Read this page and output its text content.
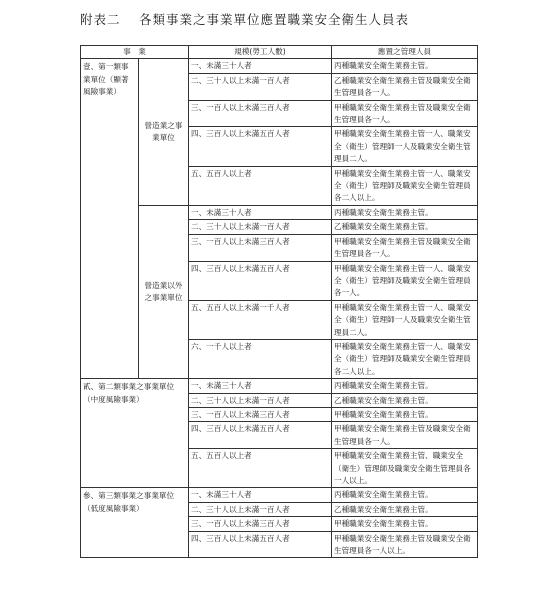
附表二　 各類事業之事業單位應置職業安全衛生人員表
事　業		規模(勞工人數)	應置之管理人員
壹、第一類事業單位（顯著風險事業）	營造業之事業單位	一、未滿三十人者	丙種職業安全衛生業務主管。
		二、三十人以上未滿一百人者	乙種職業安全衛生業務主管及職業安全衛生管理員各一人。
		三、一百人以上未滿三百人者	甲種職業安全衛生業務主管及職業安全衛生管理員各一人。
		四、三百人以上未滿五百人者	甲種職業安全衛生業務主管一人、職業安全（衛生）管理師一人及職業安全衛生管理員二人。
		五、五百人以上者	甲種職業安全衛生業務主管一人、職業安全（衛生）管理師及職業安全衛生管理員各二人以上。
	營造業以外之事業單位	一、未滿三十人者	丙種職業安全衛生業務主管。
		二、三十人以上未滿一百人者	乙種職業安全衛生業務主管。
		三、一百人以上未滿三百人者	甲種職業安全衛生業務主管及職業安全衛生管理員各一人。
		四、三百人以上未滿五百人者	甲種職業安全衛生業務主管一人、職業安全（衛生）管理師及職業安全衛生管理員各一人。
		五、五百人以上未滿一千人者	甲種職業安全衛生業務主管一人、職業安全（衛生）管理師一人及職業安全衛生管理員二人。
		六、一千人以上者	甲種職業安全衛生業務主管一人、職業安全（衛生）管理師及職業安全衛生管理員各二人以上。
貳、第二類事業之事業單位（中度風險事業）		一、未滿三十人者	丙種職業安全衛生業務主管。
		二、三十人以上未滿一百人者	乙種職業安全衛生業務主管。
		三、一百人以上未滿三百人者	甲種職業安全衛生業務主管。
		四、三百人以上未滿五百人者	甲種職業安全衛生業務主管及職業安全衛生管理員各一人。
		五、五百人以上者	甲種職業安全衛生業務主管、職業安全（衛生）管理師及職業安全衛生管理員各一人以上。
參、第三類事業之事業單位（低度風險事業）		一、未滿三十人者	丙種職業安全衛生業務主管。
		二、三十人以上未滿一百人者	乙種職業安全衛生業務主管。
		三、一百人以上未滿三百人者	甲種職業安全衛生業務主管。
		四、三百人以上未滿五百人者	甲種職業安全衛生業務主管及職業安全衛生管理員各一人以上。
